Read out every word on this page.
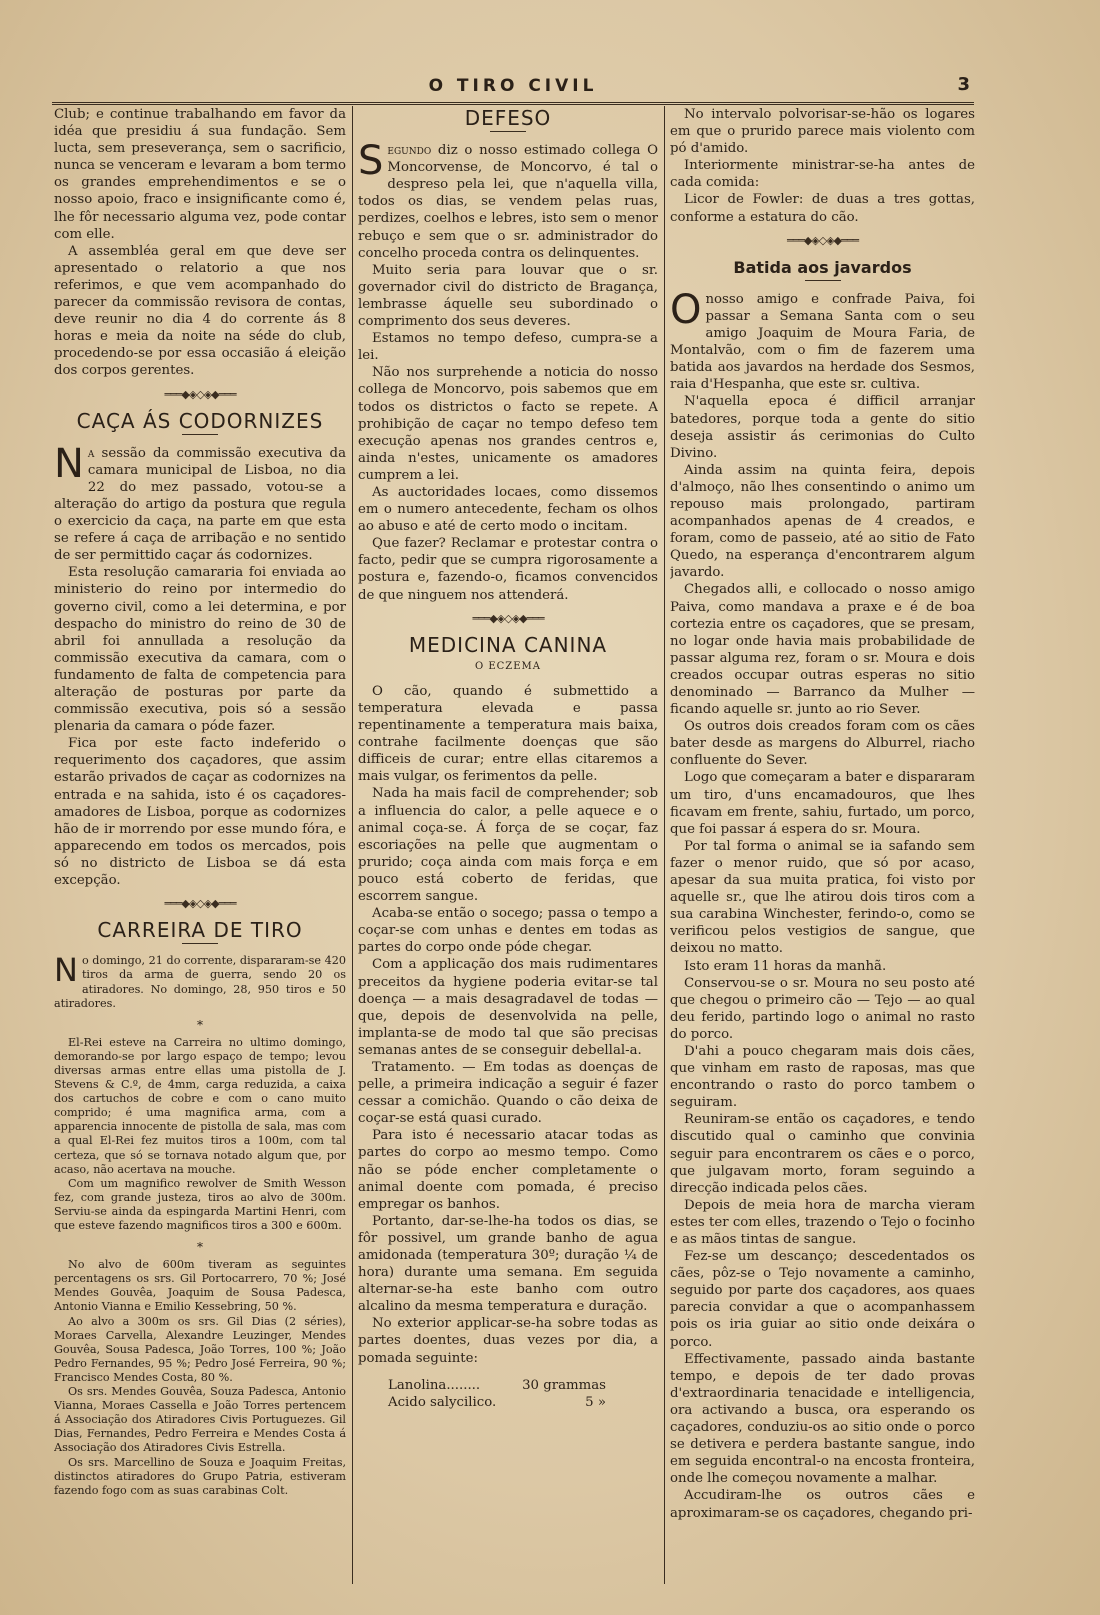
O TIRO CIVIL	3

Club; e continue trabalhando em favor da idéa que presidiu á sua fundação. Sem lucta, sem preseverança, sem o sacrificio, nunca se venceram e levaram a bom termo os grandes emprehendimentos e se o nosso apoio, fraco e insignificante como é, lhe fôr necessario alguma vez, pode contar com elle.

A assembléa geral em que deve ser apresentado o relatorio a que nos referimos, e que vem acompanhado do parecer da commissão revisora de contas, deve reunir no dia 4 do corrente ás 8 horas e meia da noite na séde do club, procedendo-se por essa occasião á eleição dos corpos gerentes.

═══◆◈◇◈◆═══
CAÇA ÁS CODORNIZES

Na sessão da commissão executiva da camara municipal de Lisboa, no dia 22 do mez passado, votou-se a alteração do artigo da postura que regula o exercicio da caça, na parte em que esta se refere á caça de arribação e no sentido de ser permittido caçar ás codornizes.

Esta resolução camararia foi enviada ao ministerio do reino por intermedio do governo civil, como a lei determina, e por despacho do ministro do reino de 30 de abril foi annullada a resolução da commissão executiva da camara, com o fundamento de falta de competencia para alteração de posturas por parte da commissão executiva, pois só a sessão plenaria da camara o póde fazer.

Fica por este facto indeferido o requerimento dos caçadores, que assim estarão privados de caçar as codornizes na entrada e na sahida, isto é os caçadores-amadores de Lisboa, porque as codornizes hão de ir morrendo por esse mundo fóra, e apparecendo em todos os mercados, pois só no districto de Lisboa se dá esta excepção.

═══◆◈◇◈◆═══
CARREIRA DE TIRO

No domingo, 21 do corrente, dispararam-se 420 tiros da arma de guerra, sendo 20 os atiradores. No domingo, 28, 950 tiros e 50 atiradores.

*

El-Rei esteve na Carreira no ultimo domingo, demorando-se por largo espaço de tempo; levou diversas armas entre ellas uma pistolla de J. Stevens & C.º, de 4mm, carga reduzida, a caixa dos cartuchos de cobre e com o cano muito comprido; é uma magnifica arma, com a apparencia innocente de pistolla de sala, mas com a qual El-Rei fez muitos tiros a 100m, com tal certeza, que só se tornava notado algum que, por acaso, não acertava na mouche.

Com um magnifico rewolver de Smith Wesson fez, com grande justeza, tiros ao alvo de 300m. Serviu-se ainda da espingarda Martini Henri, com que esteve fazendo magnificos tiros a 300 e 600m.

*

No alvo de 600m tiveram as seguintes percentagens os srs. Gil Portocarrero, 70 %; José Mendes Gouvêa, Joaquim de Sousa Padesca, Antonio Vianna e Emilio Kessebring, 50 %.

Ao alvo a 300m os srs. Gil Dias (2 séries), Moraes Carvella, Alexandre Leuzinger, Mendes Gouvêa, Sousa Padesca, João Torres, 100 %; João Pedro Fernandes, 95 %; Pedro José Ferreira, 90 %; Francisco Mendes Costa, 80 %.

Os srs. Mendes Gouvêa, Souza Padesca, Antonio Vianna, Moraes Cassella e João Torres pertencem á Associação dos Atiradores Civis Portuguezes. Gil Dias, Fernandes, Pedro Ferreira e Mendes Costa á Associação dos Atiradores Civis Estrella.

Os srs. Marcellino de Souza e Joaquim Freitas, distinctos atiradores do Grupo Patria, estiveram fazendo fogo com as suas carabinas Colt.

DEFESO

Segundo diz o nosso estimado collega O Moncorvense, de Moncorvo, é tal o despreso pela lei, que n'aquella villa, todos os dias, se vendem pelas ruas, perdizes, coelhos e lebres, isto sem o menor rebuço e sem que o sr. administrador do concelho proceda contra os delinquentes.

Muito seria para louvar que o sr. governador civil do districto de Bragança, lembrasse áquelle seu subordinado o comprimento dos seus deveres.

Estamos no tempo defeso, cumpra-se a lei.

Não nos surprehende a noticia do nosso collega de Moncorvo, pois sabemos que em todos os districtos o facto se repete. A prohibição de caçar no tempo defeso tem execução apenas nos grandes centros e, ainda n'estes, unicamente os amadores cumprem a lei.

As auctoridades locaes, como dissemos em o numero antecedente, fecham os olhos ao abuso e até de certo modo o incitam.

Que fazer? Reclamar e protestar contra o facto, pedir que se cumpra rigorosamente a postura e, fazendo-o, ficamos convencidos de que ninguem nos attenderá.

═══◆◈◇◈◆═══
MEDICINA CANINA
O ECZEMA

O cão, quando é submettido a temperatura elevada e passa repentinamente a temperatura mais baixa, contrahe facilmente doenças que são difficeis de curar; entre ellas citaremos a mais vulgar, os ferimentos da pelle.

Nada ha mais facil de comprehender; sob a influencia do calor, a pelle aquece e o animal coça-se. Á força de se coçar, faz escoriações na pelle que augmentam o prurido; coça ainda com mais força e em pouco está coberto de feridas, que escorrem sangue.

Acaba-se então o socego; passa o tempo a coçar-se com unhas e dentes em todas as partes do corpo onde póde chegar.

Com a applicação dos mais rudimentares preceitos da hygiene poderia evitar-se tal doença — a mais desagradavel de todas — que, depois de desenvolvida na pelle, implanta-se de modo tal que são precisas semanas antes de se conseguir debellal-a.

Tratamento. — Em todas as doenças de pelle, a primeira indicação a seguir é fazer cessar a comichão. Quando o cão deixa de coçar-se está quasi curado.

Para isto é necessario atacar todas as partes do corpo ao mesmo tempo. Como não se póde encher completamente o animal doente com pomada, é preciso empregar os banhos.

Portanto, dar-se-lhe-ha todos os dias, se fôr possivel, um grande banho de agua amidonada (temperatura 30º; duração ¼ de hora) durante uma semana. Em seguida alternar-se-ha este banho com outro alcalino da mesma temperatura e duração.

No exterior applicar-se-ha sobre todas as partes doentes, duas vezes por dia, a pomada seguinte:

Lanolina........	30 grammas
Acido salycilico.	5 »

No intervalo polvorisar-se-hão os logares em que o prurido parece mais violento com pó d'amido.

Interiormente ministrar-se-ha antes de cada comida:

Licor de Fowler: de duas a tres gottas, conforme a estatura do cão.

═══◆◈◇◈◆═══
Batida aos javardos

O nosso amigo e confrade Paiva, foi passar a Semana Santa com o seu amigo Joaquim de Moura Faria, de Montalvão, com o fim de fazerem uma batida aos javardos na herdade dos Sesmos, raia d'Hespanha, que este sr. cultiva.

N'aquella epoca é difficil arranjar batedores, porque toda a gente do sitio deseja assistir ás cerimonias do Culto Divino.

Ainda assim na quinta feira, depois d'almoço, não lhes consentindo o animo um repouso mais prolongado, partiram acompanhados apenas de 4 creados, e foram, como de passeio, até ao sitio de Fato Quedo, na esperança d'encontrarem algum javardo.

Chegados alli, e collocado o nosso amigo Paiva, como mandava a praxe e é de boa cortezia entre os caçadores, que se presam, no logar onde havia mais probabilidade de passar alguma rez, foram o sr. Moura e dois creados occupar outras esperas no sitio denominado — Barranco da Mulher — ficando aquelle sr. junto ao rio Sever.

Os outros dois creados foram com os cães bater desde as margens do Alburrel, riacho confluente do Sever.

Logo que começaram a bater e dispararam um tiro, d'uns encamadouros, que lhes ficavam em frente, sahiu, furtado, um porco, que foi passar á espera do sr. Moura.

Por tal forma o animal se ia safando sem fazer o menor ruido, que só por acaso, apesar da sua muita pratica, foi visto por aquelle sr., que lhe atirou dois tiros com a sua carabina Winchester, ferindo-o, como se verificou pelos vestigios de sangue, que deixou no matto.

Isto eram 11 horas da manhã.

Conservou-se o sr. Moura no seu posto até que chegou o primeiro cão — Tejo — ao qual deu ferido, partindo logo o animal no rasto do porco.

D'ahi a pouco chegaram mais dois cães, que vinham em rasto de raposas, mas que encontrando o rasto do porco tambem o seguiram.

Reuniram-se então os caçadores, e tendo discutido qual o caminho que convinia seguir para encontrarem os cães e o porco, que julgavam morto, foram seguindo a direcção indicada pelos cães.

Depois de meia hora de marcha vieram estes ter com elles, trazendo o Tejo o focinho e as mãos tintas de sangue.

Fez-se um descanço; descedentados os cães, pôz-se o Tejo novamente a caminho, seguido por parte dos caçadores, aos quaes parecia convidar a que o acompanhassem pois os iria guiar ao sitio onde deixára o porco.

Effectivamente, passado ainda bastante tempo, e depois de ter dado provas d'extraordinaria tenacidade e intelligencia, ora activando a busca, ora esperando os caçadores, conduziu-os ao sitio onde o porco se detivera e perdera bastante sangue, indo em seguida encontral-o na encosta fronteira, onde lhe começou novamente a malhar.

Accudiram-lhe os outros cães e aproximaram-se os caçadores, chegando pri-
